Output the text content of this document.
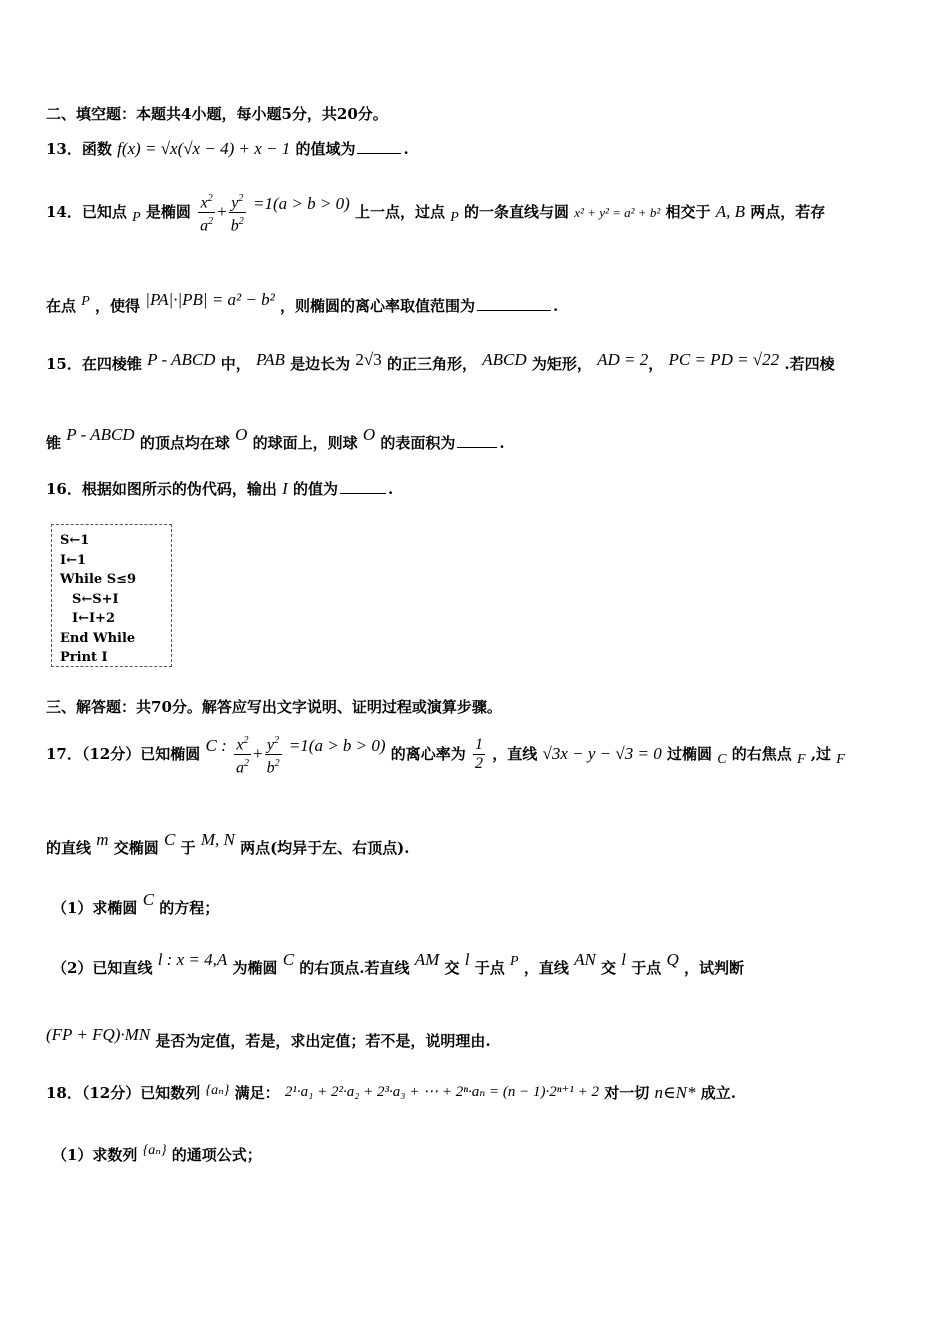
二、填空题：本题共4小题，每小题5分，共20分。
13．函数 f(x) = √x(√x − 4) + x − 1 的值域为	.
14．已知点 P 是椭圆 $\frac{x^2}{a^2} + \frac{y^2}{b^2} =1(a > b > 0)$ 上一点，过点 P 的一条直线与圆 x² + y² = a² + b² 相交于 A, B 两点，若存
在点 P ，使得 |PA|·|PB| = a² − b² ，则椭圆的离心率取值范围为	.
15．在四棱锥 P - ABCD 中， PAB 是边长为 2√3 的正三角形， ABCD 为矩形， AD = 2， PC = PD = √22 .若四棱
锥 P - ABCD 的顶点均在球 O 的球面上，则球 O 的表面积为	.
16．根据如图所示的伪代码，输出 I 的值为	.
S←1
I←1
While S≤9
S←S+I
I←I+2
End While
Print I
三、解答题：共70分。解答应写出文字说明、证明过程或演算步骤。
17．（12分）已知椭圆 C : $\frac{x^2}{a^2} + \frac{y^2}{b^2} =1(a > b > 0)$ 的离心率为 $\frac{1}{2}$ ，直线 √3x − y − √3 = 0 过椭圆 C 的右焦点 F ,过 F
的直线 m 交椭圆 C 于 M, N 两点(均异于左、右顶点).
（1）求椭圆 C 的方程；
（2）已知直线 l : x = 4,A 为椭圆 C 的右顶点.若直线 AM 交 l 于点 P ，直线 AN 交 l 于点 Q ，试判断
(FP + FQ)·MN 是否为定值，若是，求出定值；若不是，说明理由.
18．（12分）已知数列 {aₙ} 满足： 2¹·a₁ + 2²·a₂ + 2³·a₃ + ⋯ + 2ⁿ·aₙ = (n − 1)·2ⁿ⁺¹ + 2 对一切 n∈N* 成立.
（1）求数列 {aₙ} 的通项公式；
